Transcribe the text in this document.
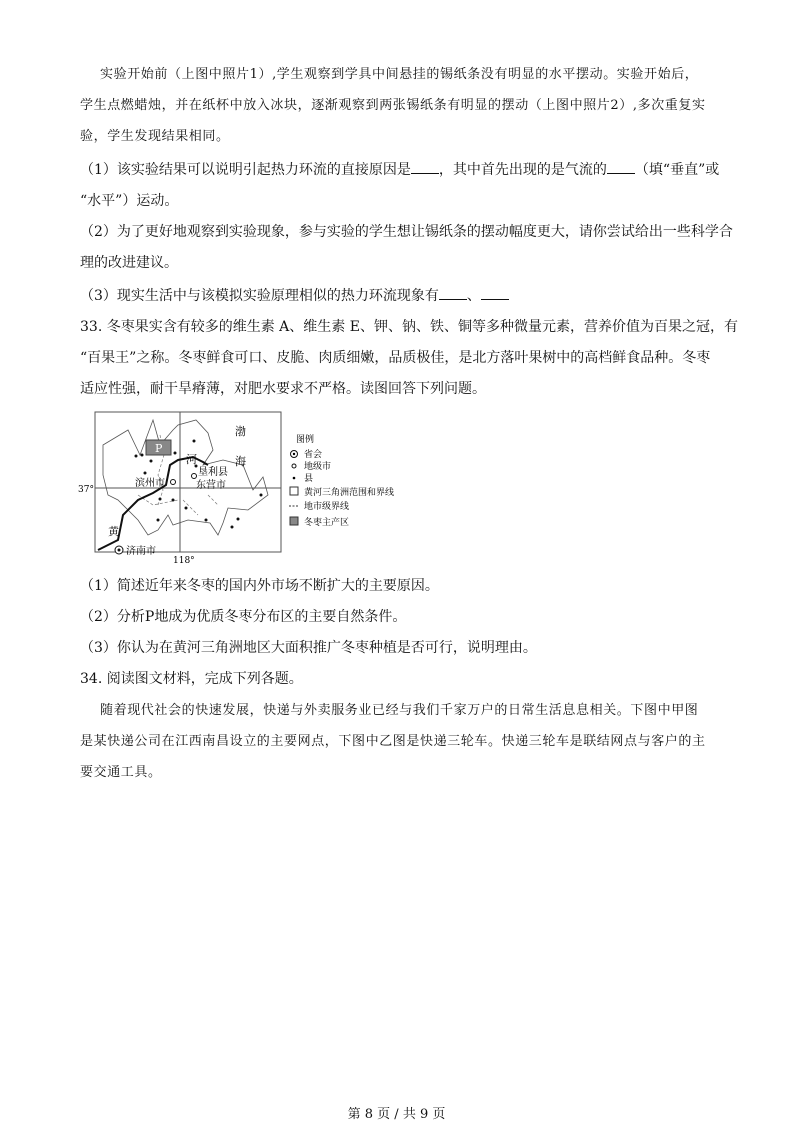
实验开始前（上图中照片1）,学生观察到学具中间悬挂的锡纸条没有明显的水平摆动。实验开始后，
学生点燃蜡烛，并在纸杯中放入冰块，逐渐观察到两张锡纸条有明显的摆动（上图中照片2）,多次重复实
验，学生发现结果相同。
（1）该实验结果可以说明引起热力环流的直接原因是 ，其中首先出现的是气流的 （填“垂直”或
“水平”）运动。
（2）为了更好地观察到实验现象，参与实验的学生想让锡纸条的摆动幅度更大，请你尝试给出一些科学合
理的改进建议。
（3）现实生活中与该模拟实验原理相似的热力环流现象有 、
33. 冬枣果实含有较多的维生素 A、维生素 E、钾、钠、铁、铜等多种微量元素，营养价值为百果之冠，有
“百果王”之称。冬枣鲜食可口、皮脆、肉质细嫩，品质极佳，是北方落叶果树中的高档鲜食品种。冬枣
适应性强，耐干旱瘠薄，对肥水要求不严格。读图回答下列问题。
P
渤
海
河
黄
垦利县
东营市
滨州市
济南市
37°
118°
图例
省会
地级市
县
黄河三角洲范围和界线
地市级界线
冬枣主产区
（1）简述近年来冬枣的国内外市场不断扩大的主要原因。
（2）分析P地成为优质冬枣分布区的主要自然条件。
（3）你认为在黄河三角洲地区大面积推广冬枣种植是否可行，说明理由。
34. 阅读图文材料，完成下列各题。
随着现代社会的快速发展，快递与外卖服务业已经与我们千家万户的日常生活息息相关。下图中甲图
是某快递公司在江西南昌设立的主要网点，下图中乙图是快递三轮车。快递三轮车是联结网点与客户的主
要交通工具。
第 8 页 / 共 9 页
